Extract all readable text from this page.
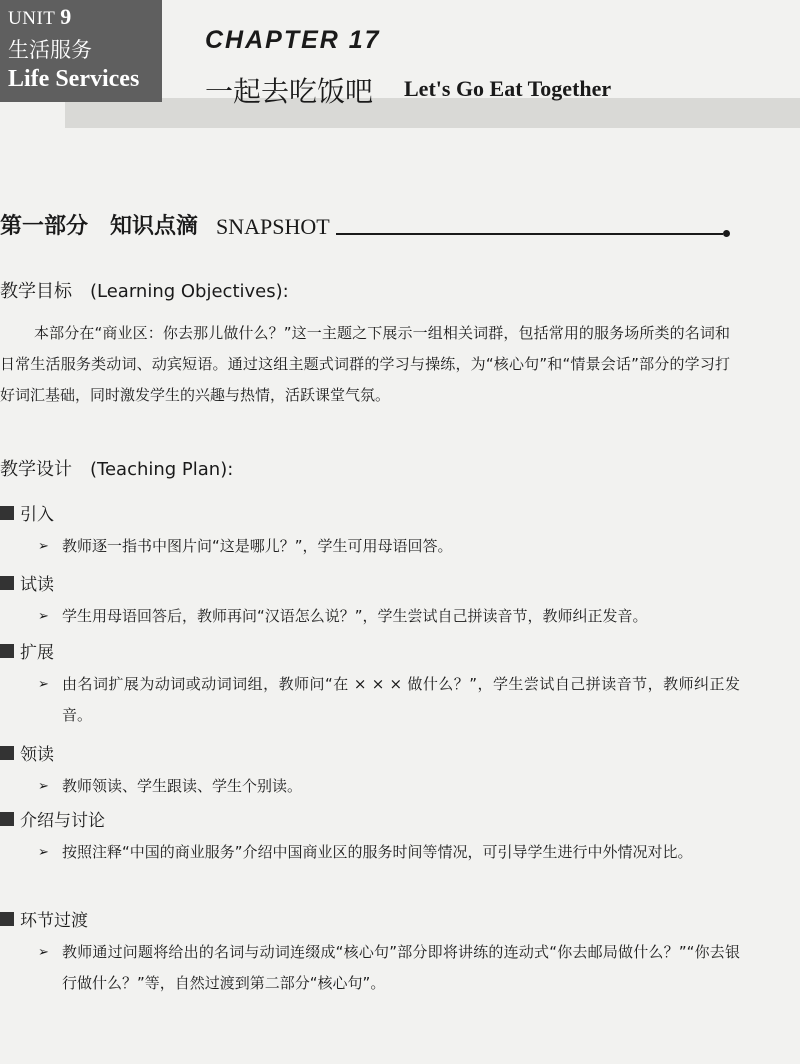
UNIT 9
生活服务
Life Services
CHAPTER 17
一起去吃饭吧 Let's Go Eat Together
第一部分　知识点滴 SNAPSHOT
教学目标　(Learning Objectives):

本部分在“商业区：你去那儿做什么？”这一主题之下展示一组相关词群，包括常用的服务场所类的名词和日常生活服务类动词、动宾短语。通过这组主题式词群的学习与操练，为“核心句”和“情景会话”部分的学习打好词汇基础，同时激发学生的兴趣与热情，活跃课堂气氛。

教学设计　(Teaching Plan):
引入
➢ 教师逐一指书中图片问“这是哪儿？”，学生可用母语回答。
试读
➢ 学生用母语回答后，教师再问“汉语怎么说？”，学生尝试自己拼读音节，教师纠正发音。
扩展
➢ 由名词扩展为动词或动词词组，教师问“在 × × × 做什么？”，学生尝试自己拼读音节，教师纠正发音。
领读
➢ 教师领读、学生跟读、学生个别读。
介绍与讨论
➢ 按照注释“中国的商业服务”介绍中国商业区的服务时间等情况，可引导学生进行中外情况对比。
环节过渡
➢ 教师通过问题将给出的名词与动词连缀成“核心句”部分即将讲练的连动式“你去邮局做什么？”“你去银行做什么？”等，自然过渡到第二部分“核心句”。
